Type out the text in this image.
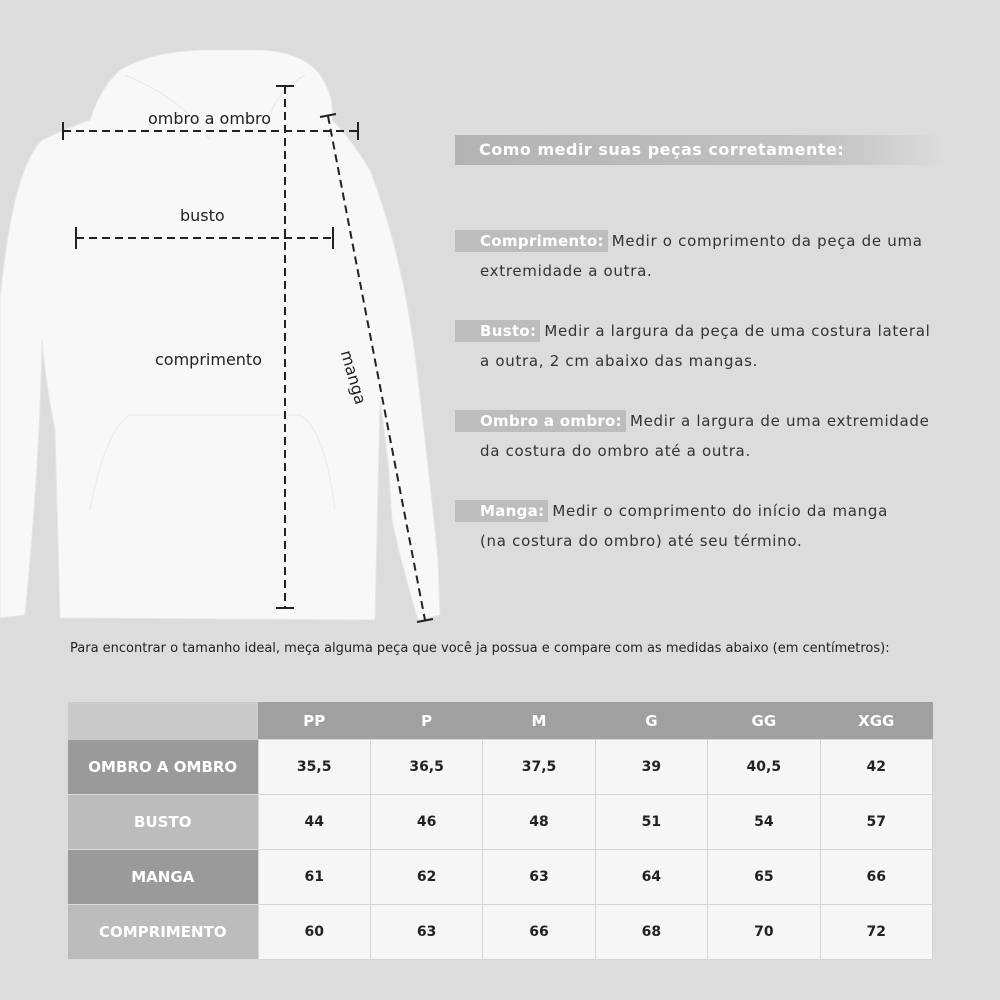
ombro a ombro
busto
comprimento	manga
Como medir suas peças corretamente:
Comprimento: Medir o comprimento da peça de uma
extremidade a outra.
Busto: Medir a largura da peça de uma costura lateral
a outra, 2 cm abaixo das mangas.
Ombro a ombro: Medir a largura de uma extremidade
da costura do ombro até a outra.
Manga: Medir o comprimento do início da manga
(na costura do ombro) até seu término.
Para encontrar o tamanho ideal, meça alguma peça que você ja possua e compare com as medidas abaixo (em centímetros):
	PP	P	M	G	GG	XGG
OMBRO A OMBRO	35,5	36,5	37,5	39	40,5	42
BUSTO	44	46	48	51	54	57
MANGA	61	62	63	64	65	66
COMPRIMENTO	60	63	66	68	70	72
